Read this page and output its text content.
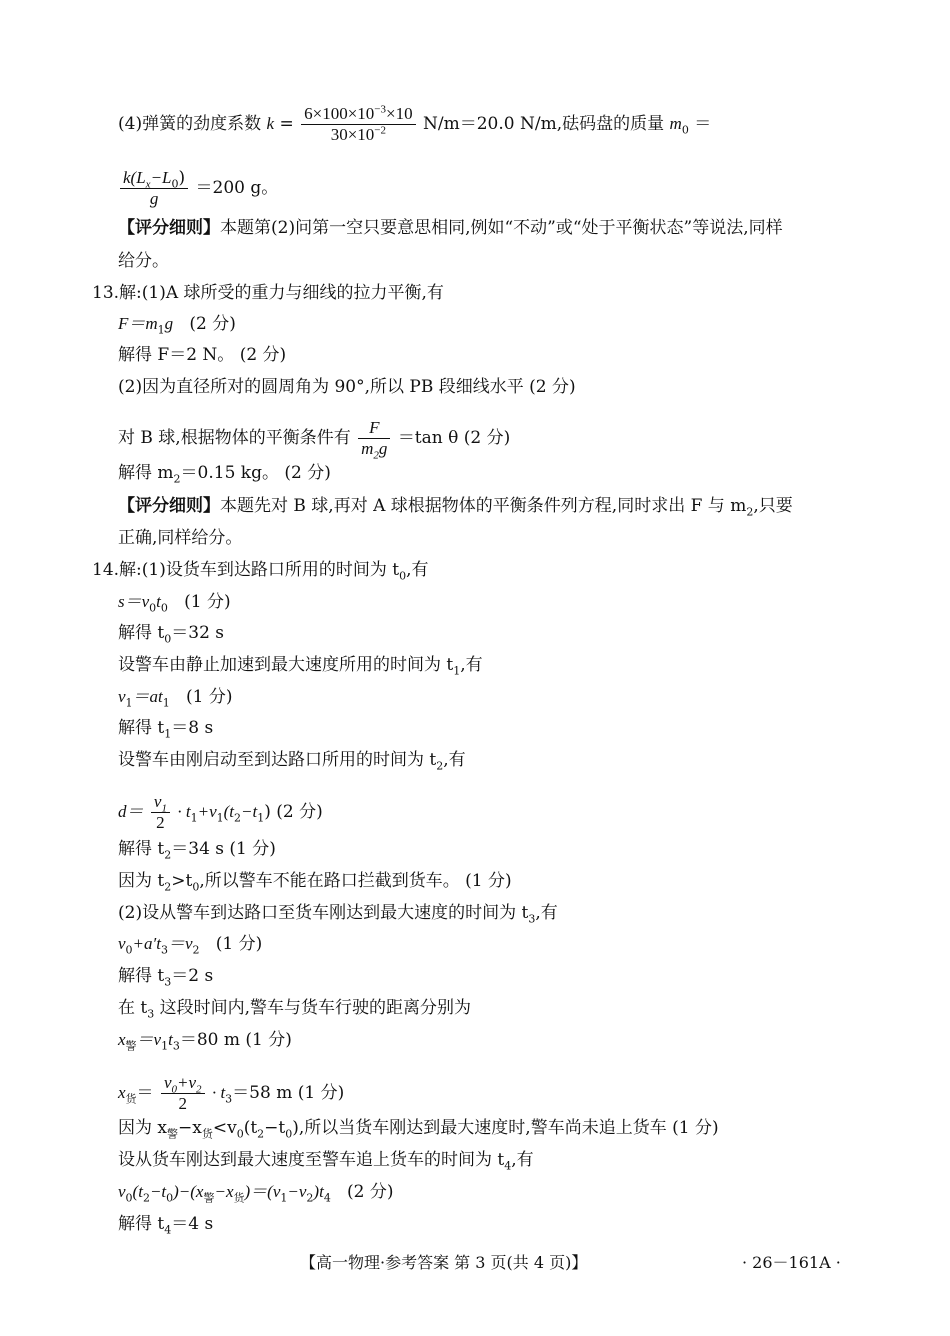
(4)弹簧的劲度系数 $k = \frac{6\times 100\times 10^{-3}\times 10}{30\times 10^{-2}} N/m=20.0$ N/m,砝码盘的质量 $m_0$ ＝
$\frac{k(L_x-L_0)}{g} =200$ g。
【评分细则】本题第(2)问第一空只要意思相同,例如“不动”或“处于平衡状态”等说法,同样
给分。
13.解:(1)A 球所受的重力与细线的拉力平衡,有
$F=m_1g$ (2 分)
解得 F＝2 N。 (2 分)
(2)因为直径所对的圆周角为 90°,所以 PB 段细线水平 (2 分)
对 B 球,根据物体的平衡条件有 $\frac{F}{m_2g} =\tan$ θ (2 分)
解得 $m_2=0.15$ kg。 (2 分)
【评分细则】本题先对 B 球,再对 A 球根据物体的平衡条件列方程,同时求出 F 与 $m_2$,只要
正确,同样给分。
14.解:(1)设货车到达路口所用的时间为 $t_0$,有
$s=v_0t_0$ (1 分)
解得 $t_0=32$ s
设警车由静止加速到最大速度所用的时间为 $t_1$,有
$v_1=at_1$ (1 分)
解得 $t_1=8$ s
设警车由刚启动至到达路口所用的时间为 $t_2$,有
$d= \frac{v_1}{2} \cdot t_1+v_1(t_2-t_1)$ (2 分)
解得 $t_2=34$ s (1 分)
因为 $t_2>t_0$,所以警车不能在路口拦截到货车。 (1 分)
(2)设从警车到达路口至货车刚达到最大速度的时间为 $t_3$,有
$v_0+a't_3=v_2$ (1 分)
解得 $t_3=2$ s
在 $t_3$ 这段时间内,警车与货车行驶的距离分别为
$x_警=v_1t_3=80$ m (1 分)
$x_货= \frac{v_0+v_2}{2} \cdot t_3=58$ m (1 分)
因为 $x_警-x_货<v_0(t_2-t_0)$,所以当货车刚达到最大速度时,警车尚未追上货车 (1 分)
设从货车刚达到最大速度至警车追上货车的时间为 $t_4$,有
$v_0(t_2-t_0)-(x_警-x_货)=(v_1-v_2)t_4$ (2 分)
解得 $t_4=4$ s
【高一物理·参考答案 第 3 页(共 4 页)】	· 26－161A ·
